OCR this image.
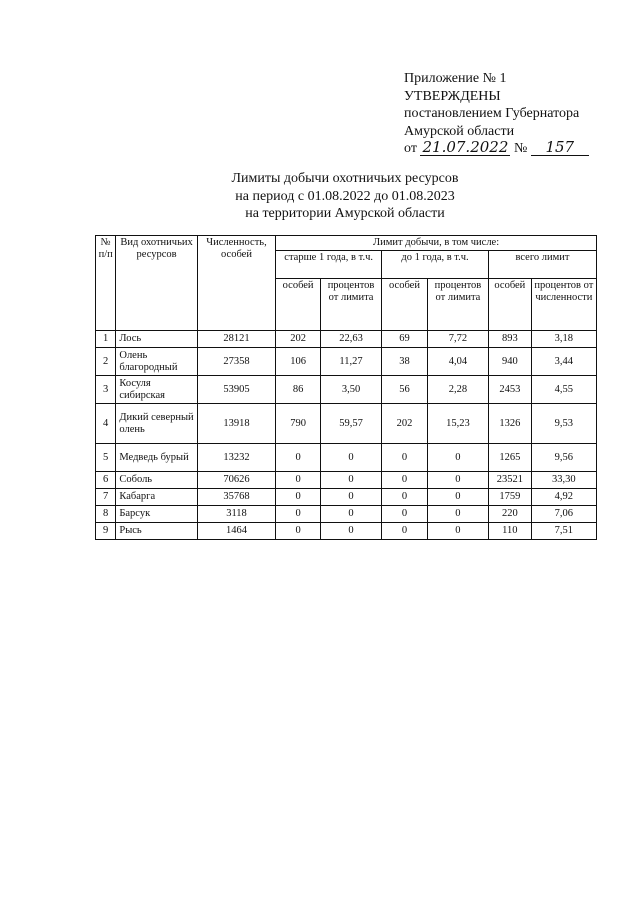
Приложение № 1
УТВЕРЖДЕНЫ
постановлением Губернатора
Амурской области
от 21.07.2022 № 157
Лимиты добычи охотничьих ресурсов
на период с 01.08.2022 до 01.08.2023
на территории Амурской области
№ п/п	Вид охотничьих ресурсов	Численность, особей	Лимит добычи, в том числе:					
			старше 1 года, в т.ч.		до 1 года, в т.ч.		всего лимит	
			особей	процентов от лимита	особей	процентов от лимита	особей	процентов от численности
1	Лось	28121	202	22,63	69	7,72	893	3,18
2	Олень благородный	27358	106	11,27	38	4,04	940	3,44
3	Косуля сибирская	53905	86	3,50	56	2,28	2453	4,55
4	Дикий северный олень	13918	790	59,57	202	15,23	1326	9,53
5	Медведь бурый	13232	0	0	0	0	1265	9,56
6	Соболь	70626	0	0	0	0	23521	33,30
7	Кабарга	35768	0	0	0	0	1759	4,92
8	Барсук	3118	0	0	0	0	220	7,06
9	Рысь	1464	0	0	0	0	110	7,51
